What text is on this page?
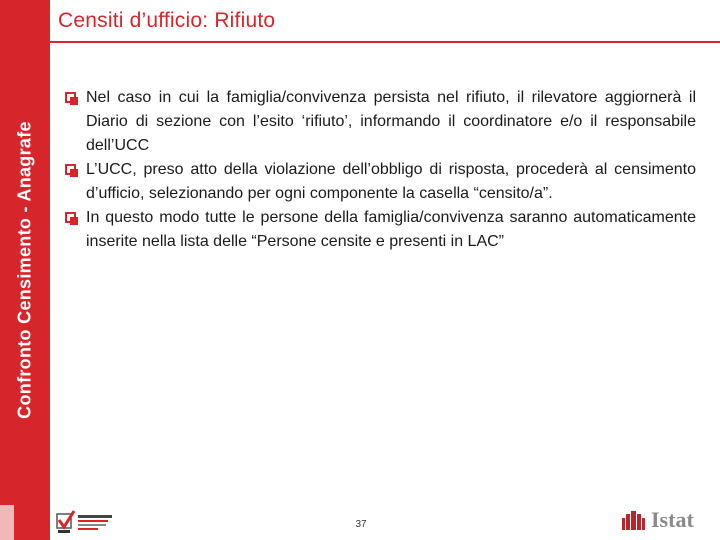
Confronto Censimento - Anagrafe
Censiti d’ufficio: Rifiuto
Nel caso in cui la famiglia/convivenza persista nel rifiuto, il rilevatore aggiornerà il Diario di sezione con l’esito ‘rifiuto’, informando il coordinatore e/o il responsabile dell’UCC
L’UCC, preso atto della violazione dell’obbligo di risposta, procederà al censimento d’ufficio, selezionando per ogni componente la casella “censito/a”.
In questo modo tutte le persone della famiglia/convivenza saranno automaticamente inserite nella lista delle “Persone censite e presenti in LAC”
37	Istat
